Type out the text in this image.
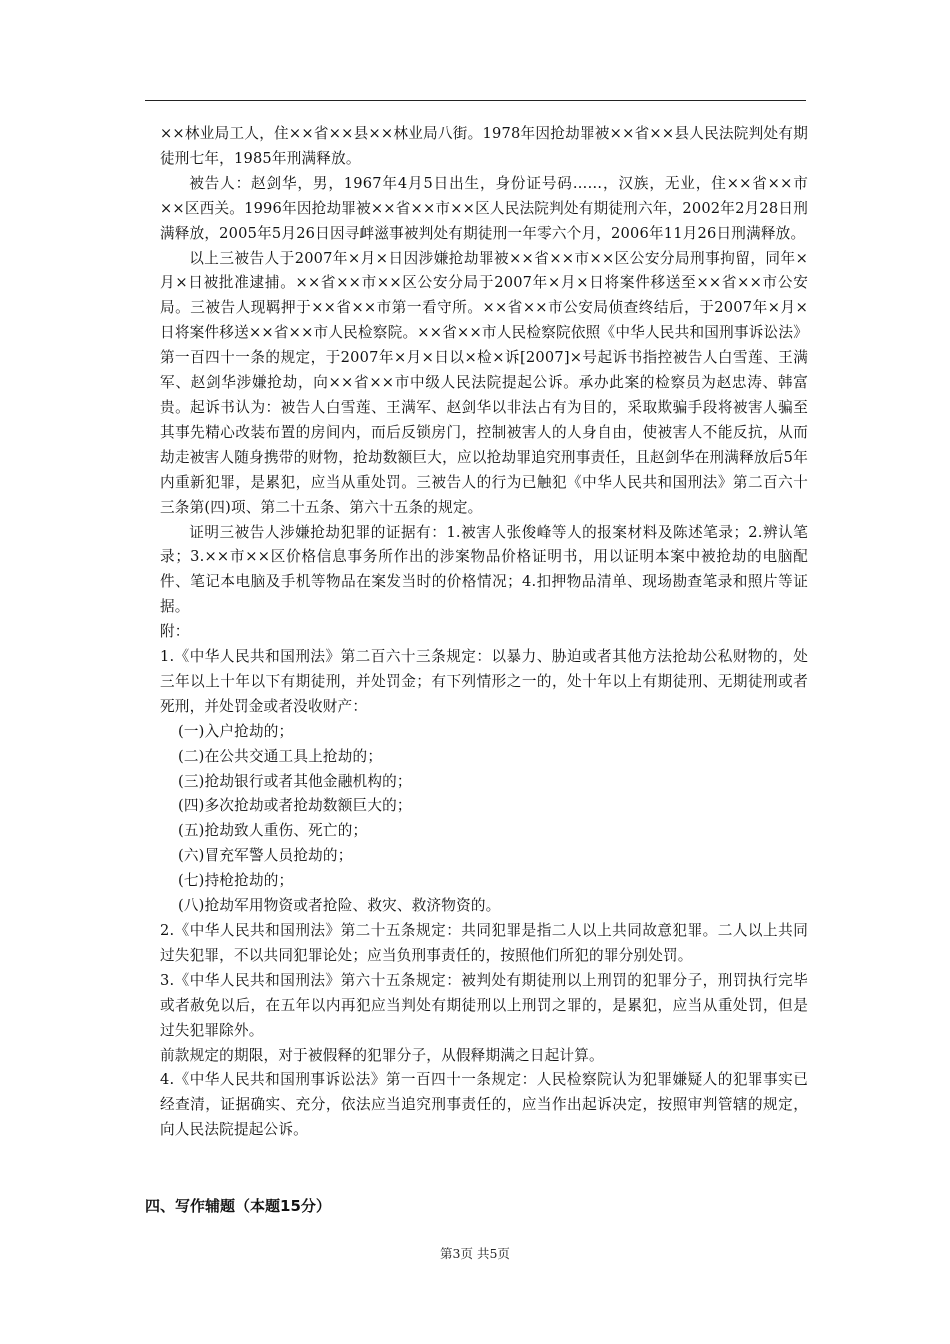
××林业局工人，住××省××县××林业局八街。1978年因抢劫罪被××省××县人民法院判处有期徒刑七年，1985年刑满释放。

被告人：赵剑华，男，1967年4月5日出生，身份证号码……，汉族，无业，住××省××市××区西关。1996年因抢劫罪被××省××市××区人民法院判处有期徒刑六年，2002年2月28日刑满释放，2005年5月26日因寻衅滋事被判处有期徒刑一年零六个月，2006年11月26日刑满释放。

以上三被告人于2007年×月×日因涉嫌抢劫罪被××省××市××区公安分局刑事拘留，同年×月×日被批准逮捕。××省××市××区公安分局于2007年×月×日将案件移送至××省××市公安局。三被告人现羁押于××省××市第一看守所。××省××市公安局侦查终结后，于2007年×月×日将案件移送××省××市人民检察院。××省××市人民检察院依照《中华人民共和国刑事诉讼法》第一百四十一条的规定，于2007年×月×日以×检×诉[2007]×号起诉书指控被告人白雪莲、王满军、赵剑华涉嫌抢劫，向××省××市中级人民法院提起公诉。承办此案的检察员为赵忠涛、韩富贵。起诉书认为：被告人白雪莲、王满军、赵剑华以非法占有为目的，采取欺骗手段将被害人骗至其事先精心改装布置的房间内，而后反锁房门，控制被害人的人身自由，使被害人不能反抗，从而劫走被害人随身携带的财物，抢劫数额巨大，应以抢劫罪追究刑事责任，且赵剑华在刑满释放后5年内重新犯罪，是累犯，应当从重处罚。三被告人的行为已触犯《中华人民共和国刑法》第二百六十三条第(四)项、第二十五条、第六十五条的规定。

证明三被告人涉嫌抢劫犯罪的证据有：1.被害人张俊峰等人的报案材料及陈述笔录；2.辨认笔录；3.××市××区价格信息事务所作出的涉案物品价格证明书，用以证明本案中被抢劫的电脑配件、笔记本电脑及手机等物品在案发当时的价格情况；4.扣押物品清单、现场勘查笔录和照片等证据。

附：

1.《中华人民共和国刑法》第二百六十三条规定：以暴力、胁迫或者其他方法抢劫公私财物的，处三年以上十年以下有期徒刑，并处罚金；有下列情形之一的，处十年以上有期徒刑、无期徒刑或者死刑，并处罚金或者没收财产：

(一)入户抢劫的；

(二)在公共交通工具上抢劫的；

(三)抢劫银行或者其他金融机构的；

(四)多次抢劫或者抢劫数额巨大的；

(五)抢劫致人重伤、死亡的；

(六)冒充军警人员抢劫的；

(七)持枪抢劫的；

(八)抢劫军用物资或者抢险、救灾、救济物资的。

2.《中华人民共和国刑法》第二十五条规定：共同犯罪是指二人以上共同故意犯罪。二人以上共同过失犯罪，不以共同犯罪论处；应当负刑事责任的，按照他们所犯的罪分别处罚。

3.《中华人民共和国刑法》第六十五条规定：被判处有期徒刑以上刑罚的犯罪分子，刑罚执行完毕或者赦免以后，在五年以内再犯应当判处有期徒刑以上刑罚之罪的，是累犯，应当从重处罚，但是过失犯罪除外。

前款规定的期限，对于被假释的犯罪分子，从假释期满之日起计算。

4.《中华人民共和国刑事诉讼法》第一百四十一条规定：人民检察院认为犯罪嫌疑人的犯罪事实已经查清，证据确实、充分，依法应当追究刑事责任的，应当作出起诉决定，按照审判管辖的规定，向人民法院提起公诉。

四、写作辅题（本题15分）
第3页 共5页
